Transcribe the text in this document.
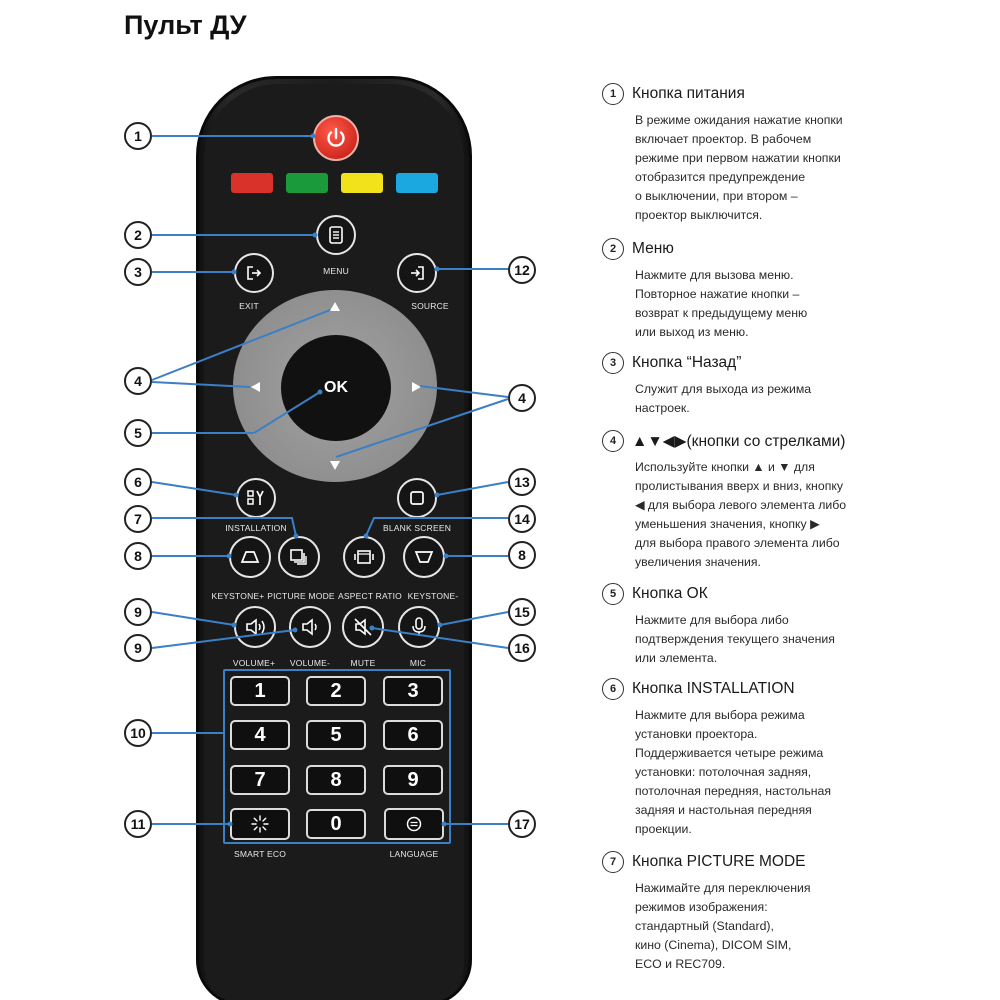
Пульт ДУ
MENU
EXIT	SOURCE
OK
INSTALLATION	BLANK SCREEN
KEYSTONE+ PICTURE MODE ASPECT RATIO KEYSTONE-
VOLUME+ VOLUME- MUTE	MIC
1	2	3
4	5	6
7	8	9
0
SMART ECO	LANGUAGE
1
2
3
4
4
5
6
7
8	8
9
9
10
11
12
13
14
15
16
17
1	Кнопка питания
В режиме ожидания нажатие кнопки
включает проектор. В рабочем
режиме при первом нажатии кнопки
отобразится предупреждение
о выключении, при втором –
проектор выключится.
2	Меню
Нажмите для вызова меню.
Повторное нажатие кнопки –
возврат к предыдущему меню
или выход из меню.
3	Кнопка “Назад”
Служит для выхода из режима
настроек.
4	▲▼◀▶(кнопки со стрелками)
Используйте кнопки ▲ и ▼ для
пролистывания вверх и вниз, кнопку
◀ для выбора левого элемента либо
уменьшения значения, кнопку ▶
для выбора правого элемента либо
увеличения значения.
5	Кнопка ОК
Нажмите для выбора либо
подтверждения текущего значения
или элемента.
6	Кнопка INSTALLATION
Нажмите для выбора режима
установки проектора.
Поддерживается четыре режима
установки: потолочная задняя,
потолочная передняя, настольная
задняя и настольная передняя
проекции.
7	Кнопка PICTURE MODE
Нажимайте для переключения
режимов изображения:
стандартный (Standard),
кино (Cinema), DICOM SIM,
ECO и REC709.
